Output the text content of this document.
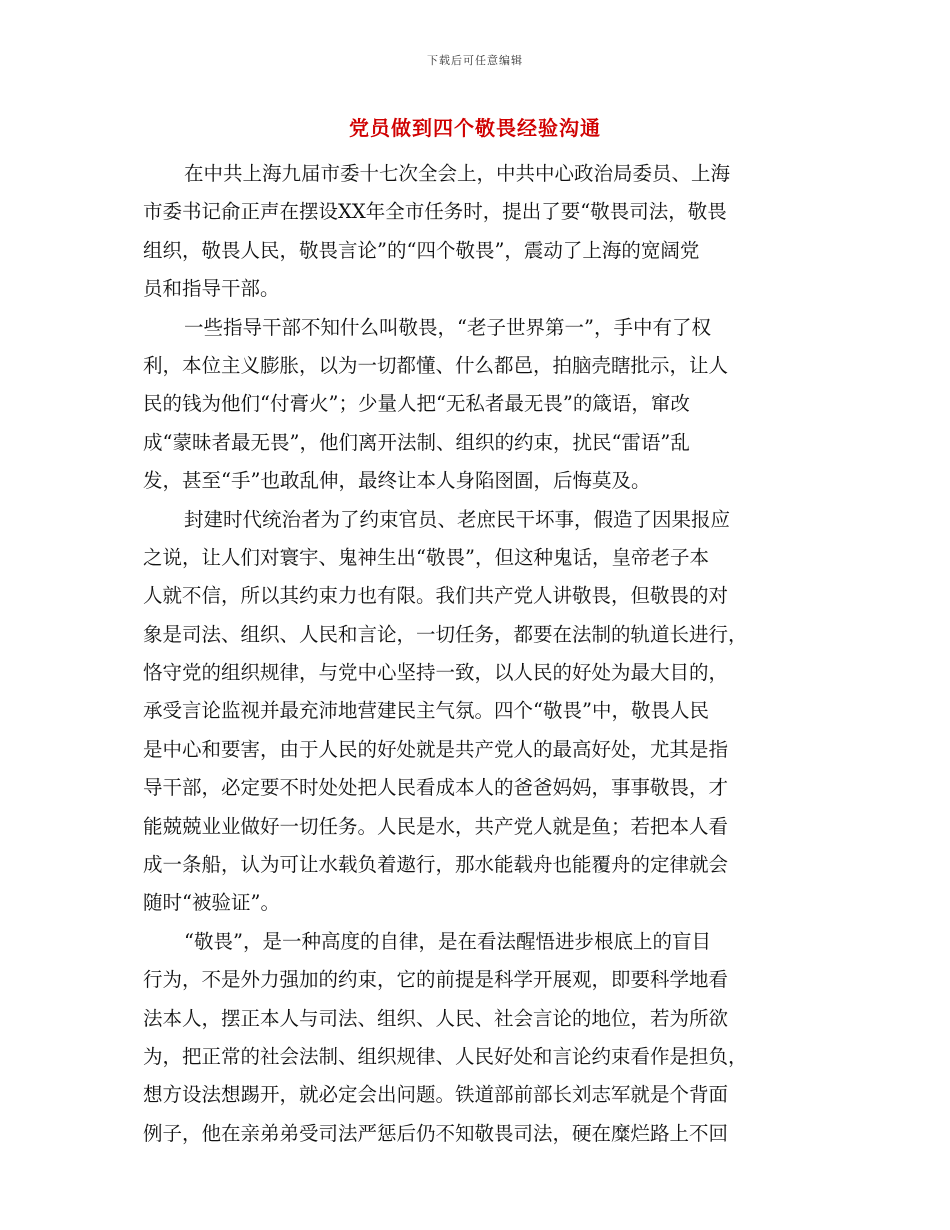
下载后可任意编辑
党员做到四个敬畏经验沟通
在中共上海九届市委十七次全会上，中共中心政治局委员、上海
市委书记俞正声在摆设XX年全市任务时，提出了要“敬畏司法，敬畏
组织，敬畏人民，敬畏言论”的“四个敬畏”，震动了上海的宽阔党
员和指导干部。
一些指导干部不知什么叫敬畏，“老子世界第一”，手中有了权
利，本位主义膨胀，以为一切都懂、什么都邑，拍脑壳瞎批示，让人
民的钱为他们“付膏火”；少量人把“无私者最无畏”的箴语，窜改
成“蒙昧者最无畏”，他们离开法制、组织的约束，扰民“雷语”乱
发，甚至“手”也敢乱伸，最终让本人身陷囹圄，后悔莫及。
封建时代统治者为了约束官员、老庶民干坏事，假造了因果报应
之说，让人们对寰宇、鬼神生出“敬畏”，但这种鬼话，皇帝老子本
人就不信，所以其约束力也有限。我们共产党人讲敬畏，但敬畏的对
象是司法、组织、人民和言论，一切任务，都要在法制的轨道长进行，
恪守党的组织规律，与党中心坚持一致，以人民的好处为最大目的，
承受言论监视并最充沛地营建民主气氛。四个“敬畏”中，敬畏人民
是中心和要害，由于人民的好处就是共产党人的最高好处，尤其是指
导干部，必定要不时处处把人民看成本人的爸爸妈妈，事事敬畏，才
能兢兢业业做好一切任务。人民是水，共产党人就是鱼；若把本人看
成一条船，认为可让水载负着遨行，那水能载舟也能覆舟的定律就会
随时“被验证”。
“敬畏”，是一种高度的自律，是在看法醒悟进步根底上的盲目
行为，不是外力强加的约束，它的前提是科学开展观，即要科学地看
法本人，摆正本人与司法、组织、人民、社会言论的地位，若为所欲
为，把正常的社会法制、组织规律、人民好处和言论约束看作是担负，
想方设法想踢开，就必定会出问题。铁道部前部长刘志军就是个背面
例子，他在亲弟弟受司法严惩后仍不知敬畏司法，硬在糜烂路上不回
